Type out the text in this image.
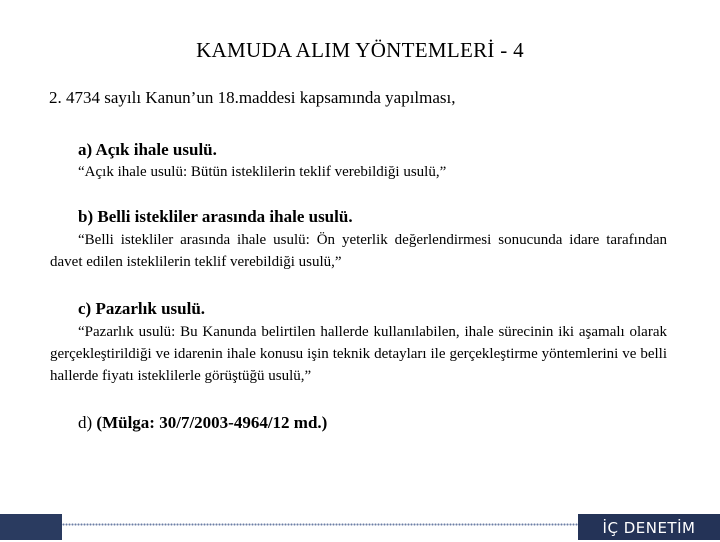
KAMUDA ALIM YÖNTEMLERİ - 4
2. 4734 sayılı Kanun’un 18.maddesi kapsamında yapılması,
a) Açık ihale usulü.
“Açık ihale usulü: Bütün isteklilerin teklif verebildiği usulü,”
b) Belli istekliler arasında ihale usulü.
“Belli istekliler arasında ihale usulü: Ön yeterlik değerlendirmesi sonucunda idare tarafından davet edilen isteklilerin teklif verebildiği usulü,”
c) Pazarlık usulü.
“Pazarlık usulü: Bu Kanunda belirtilen hallerde kullanılabilen, ihale sürecinin iki aşamalı olarak gerçekleştirildiği ve idarenin ihale konusu işin teknik detayları ile gerçekleştirme yöntemlerini ve belli hallerde fiyatı isteklilerle görüştüğü usulü,”
d) (Mülga: 30/7/2003-4964/12 md.)
İÇ DENETİM
